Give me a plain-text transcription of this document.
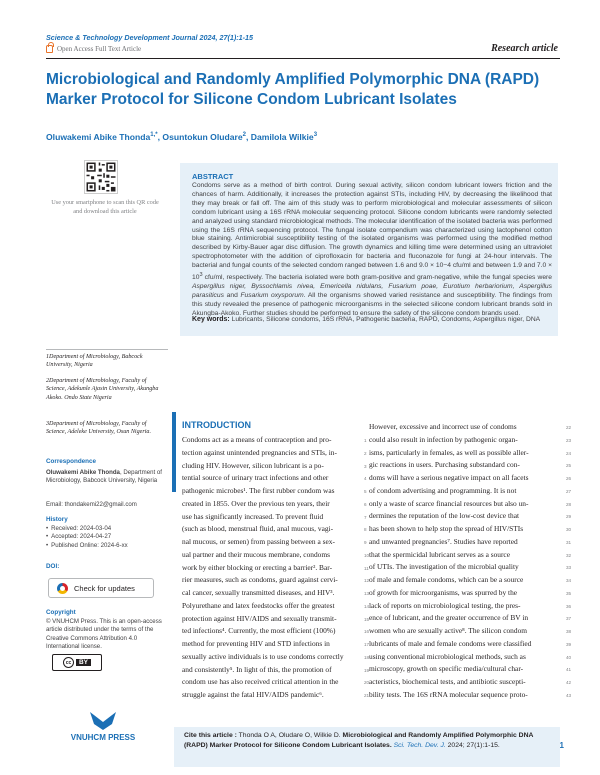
Science & Technology Development Journal 2024, 27(1):1-15
Open Access Full Text Article	Research article
Microbiological and Randomly Amplified Polymorphic DNA (RAPD) Marker Protocol for Silicone Condom Lubricant Isolates
Oluwakemi Abike Thonda$^{1,*}$, Osuntokun Oludare$^2$, Damilola Wilkie$^3$
Use your smartphone to scan this QR code and download this article
ABSTRACT

Condoms serve as a method of birth control. During sexual activity, silicon condom lubricant lowers friction and the chances of harm. Additionally, it increases the protection against STIs, including HIV, by decreasing the likelihood that they may break or fall off. The aim of this study was to perform microbiological and molecular assessments of silicon condom lubricant using a 16S rRNA molecular sequencing protocol. Silicone condom lubricants were randomly selected and analyzed using standard microbiological methods. The molecular identification of the isolated bacteria was performed using the 16S rRNA sequencing protocol. The fungal isolate compendium was characterized using lactophenol cotton blue staining. Antimicrobial susceptibility testing of the isolated organisms was performed using the modified method described by Kirby-Bauer agar disc diffusion. The growth dynamics and killing time were determined using an ultraviolet spectrophotometer with the addition of ciprofloxacin for bacteria and fluconazole for fungi at 24-hour intervals. The bacterial and fungal counts of the selected condom ranged between 1.6 and 9.0 × 10−4 cfu/ml and between 1.9 and $7.0 \times 10^3$ cfu/ml, respectively. The bacteria isolated were both gram-positive and gram-negative, while the fungal species were Aspergillus niger, Byssochlamis nivea, Emericella nidulans, Fusarium poae, Eurotium herbariorium, Aspergillus parasiticus and Fusarium oxysporum. All the organisms showed varied resistance and susceptibility. The findings from this study revealed the presence of pathogenic microorganisms in the selected silicone condom lubricant brands sold in Akungba-Akoko. Further studies should be performed to ensure the safety of the silicone condom brands used.

Key words: Lubricants, Silicone condoms, 16S rRNA, Pathogenic bacteria, RAPD, Condoms, Aspergillus niger, DNA

1Department of Microbiology, Babcock University, Nigeria
2Department of Microbiology, Faculty of Science, Adekunle Ajasin University, Akungba Akoko. Ondo State Nigeria
3Department of Microbiology, Faculty of Science, Adeleke University, Osun Nigeria.
Correspondence
Oluwakemi Abike Thonda, Department of Microbiology, Babcock University, Nigeria
Email: thondakemi22@gmail.com
History
• Received: 2024-03-04
• Accepted: 2024-04-27
• Published Online: 2024-6-xx
DOI:
Check for updates
Copyright
© VNUHCM Press. This is an open-access article distributed under the terms of the Creative Commons Attribution 4.0 International license.
cc	BY
VNUHCM PRESS
INTRODUCTION
Condoms act as a means of contraception and pro-
tection against unintended pregnancies and STIs, in-
cluding HIV. However, silicon lubricant is a po-
tential source of urinary tract infections and other
pathogenic microbes¹. The first rubber condom was
created in 1855. Over the previous ten years, their
use has significantly increased. To prevent fluid
(such as blood, menstrual fluid, anal mucous, vagi-
nal mucous, or semen) from passing between a sex-
ual partner and their mucous membrane, condoms
work by either blocking or erecting a barrier². Bar-
rier measures, such as condoms, guard against cervi-
cal cancer, sexually transmitted diseases, and HIV³.
Polyurethane and latex feedstocks offer the greatest
protection against HIV/AIDS and sexually transmit-
ted infections⁴. Currently, the most efficient (100%)
method for preventing HIV and STD infections in
sexually active individuals is to use condoms correctly
and consistently⁵. In light of this, the promotion of
condom use has also received critical attention in the
struggle against the fatal HIV/AIDS pandemic⁶.
However, excessive and incorrect use of condoms
could also result in infection by pathogenic organ-
isms, particularly in females, as well as possible aller-
gic reactions in users. Purchasing substandard con-
doms will have a serious negative impact on all facets
of condom advertising and programming. It is not
only a waste of scarce financial resources but also un-
dermines the reputation of the low-cost device that
has been shown to help stop the spread of HIV/STIs
and unwanted pregnancies⁷. Studies have reported
that the spermicidal lubricant serves as a source
of UTIs. The investigation of the microbial quality
of male and female condoms, which can be a source
of growth for microorganisms, was spurred by the
lack of reports on microbiological testing, the pres-
ence of lubricant, and the greater occurrence of BV in
women who are sexually active⁸. The silicon condom
lubricants of male and female condoms were classified
using conventional microbiological methods, such as
microscopy, growth on specific media/cultural char-
acteristics, biochemical tests, and antibiotic suscepti-
bility tests. The 16S rRNA molecular sequence proto-

Cite this article : Thonda O A, Oludare O, Wilkie D. Microbiological and Randomly Amplified Polymorphic DNA (RAPD) Marker Protocol for Silicone Condom Lubricant Isolates. Sci. Tech. Dev. J. 2024; 27(1):1-15.	1
1
2
3
4
5
6
7
8
9
10
11
12
13
14
15
16
17
18
19
20
21
22
23
24
25
26
27
28
29
30
31
32
33
34
35
36
37
38
39
40
41
42
43
